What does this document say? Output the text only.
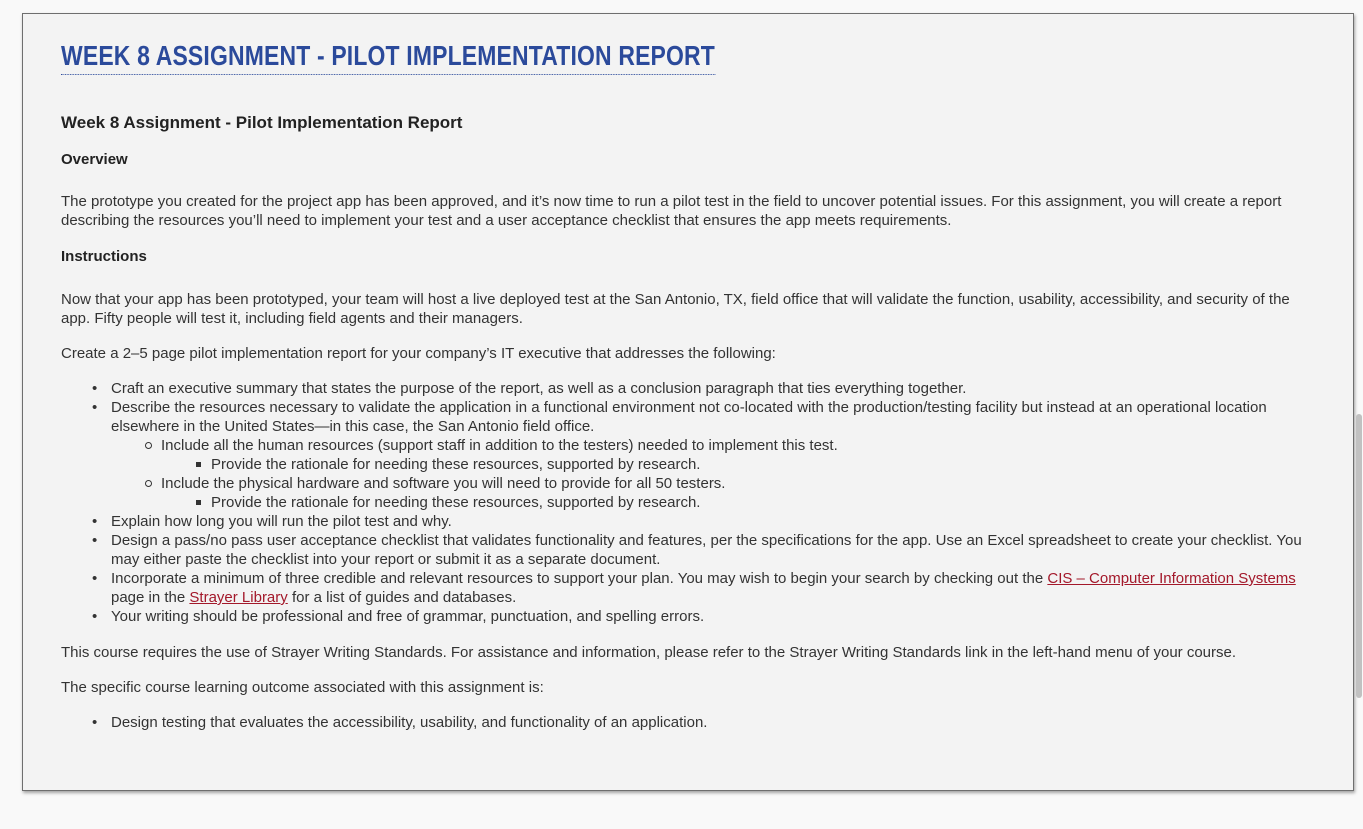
WEEK 8 ASSIGNMENT - PILOT IMPLEMENTATION REPORT
Week 8 Assignment - Pilot Implementation Report
Overview

The prototype you created for the project app has been approved, and it’s now time to run a pilot test in the field to uncover potential issues. For this assignment, you will create a report describing the resources you’ll need to implement your test and a user acceptance checklist that ensures the app meets requirements.

Instructions

Now that your app has been prototyped, your team will host a live deployed test at the San Antonio, TX, field office that will validate the function, usability, accessibility, and security of the app. Fifty people will test it, including field agents and their managers.

Create a 2–5 page pilot implementation report for your company’s IT executive that addresses the following:

• Craft an executive summary that states the purpose of the report, as well as a conclusion paragraph that ties everything together.
• Describe the resources necessary to validate the application in a functional environment not co-located with the production/testing facility but instead at an operational location elsewhere in the United States—in this case, the San Antonio field office.
Include all the human resources (support staff in addition to the testers) needed to implement this test.
Provide the rationale for needing these resources, supported by research.
Include the physical hardware and software you will need to provide for all 50 testers.
Provide the rationale for needing these resources, supported by research.
• Explain how long you will run the pilot test and why.
• Design a pass/no pass user acceptance checklist that validates functionality and features, per the specifications for the app. Use an Excel spreadsheet to create your checklist. You may either paste the checklist into your report or submit it as a separate document.
• Incorporate a minimum of three credible and relevant resources to support your plan. You may wish to begin your search by checking out the CIS – Computer Information Systems page in the Strayer Library for a list of guides and databases.
• Your writing should be professional and free of grammar, punctuation, and spelling errors.

This course requires the use of Strayer Writing Standards. For assistance and information, please refer to the Strayer Writing Standards link in the left-hand menu of your course.

The specific course learning outcome associated with this assignment is:

• Design testing that evaluates the accessibility, usability, and functionality of an application.
